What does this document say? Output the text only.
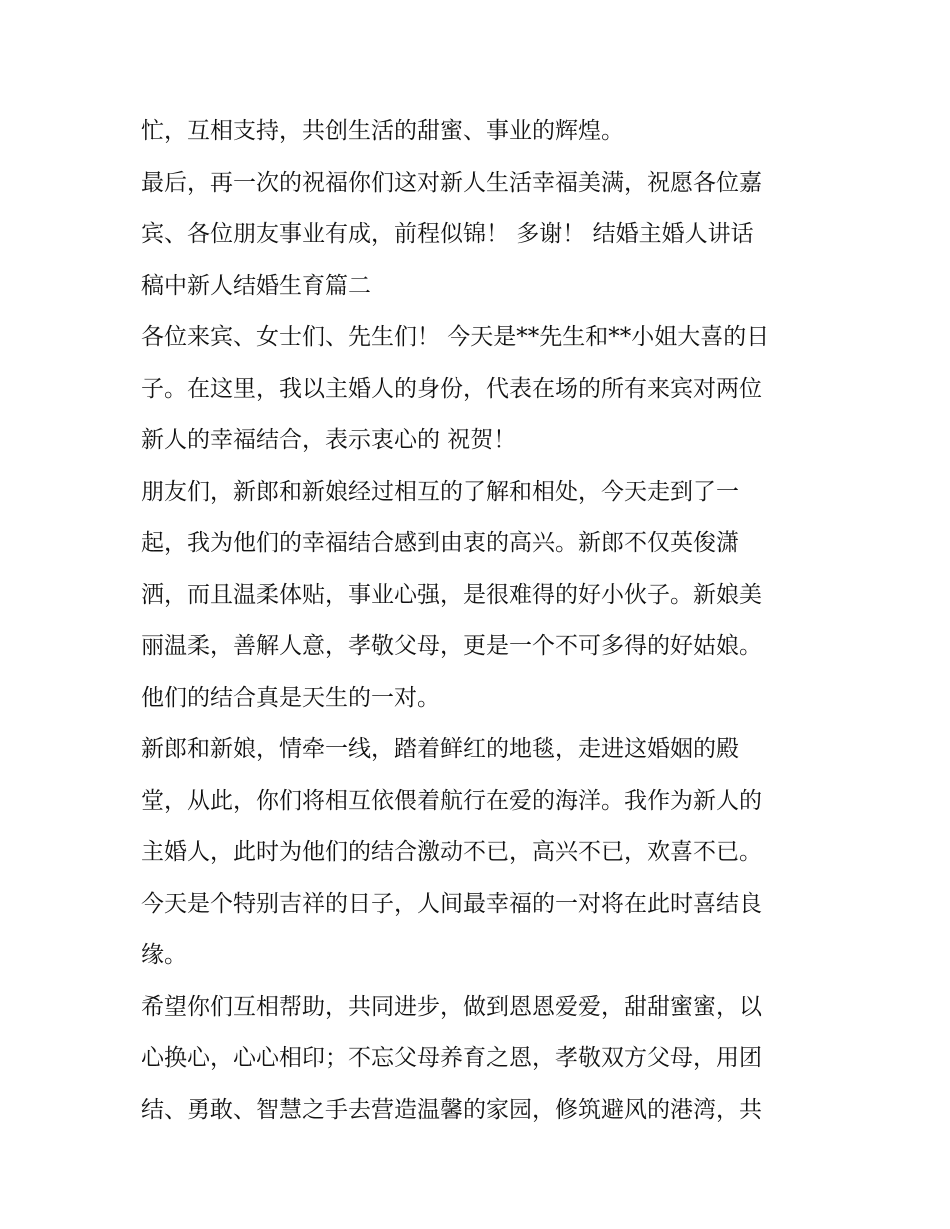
忙，互相支持，共创生活的甜蜜、事业的辉煌。
最后，再一次的祝福你们这对新人生活幸福美满，祝愿各位嘉
宾、各位朋友事业有成，前程似锦！ 多谢！ 结婚主婚人讲话
稿中新人结婚生育篇二
各位来宾、女士们、先生们！ 今天是**先生和**小姐大喜的日
子。在这里，我以主婚人的身份，代表在场的所有来宾对两位
新人的幸福结合，表示衷心的 祝贺！
朋友们，新郎和新娘经过相互的了解和相处，今天走到了一
起，我为他们的幸福结合感到由衷的高兴。新郎不仅英俊潇
洒，而且温柔体贴，事业心强，是很难得的好小伙子。新娘美
丽温柔，善解人意，孝敬父母，更是一个不可多得的好姑娘。
他们的结合真是天生的一对。
新郎和新娘，情牵一线，踏着鲜红的地毯，走进这婚姻的殿
堂，从此，你们将相互依偎着航行在爱的海洋。我作为新人的
主婚人，此时为他们的结合激动不已，高兴不已，欢喜不已。
今天是个特别吉祥的日子，人间最幸福的一对将在此时喜结良
缘。
希望你们互相帮助，共同进步，做到恩恩爱爱，甜甜蜜蜜，以
心换心，心心相印；不忘父母养育之恩，孝敬双方父母，用团
结、勇敢、智慧之手去营造温馨的家园，修筑避风的港湾，共
